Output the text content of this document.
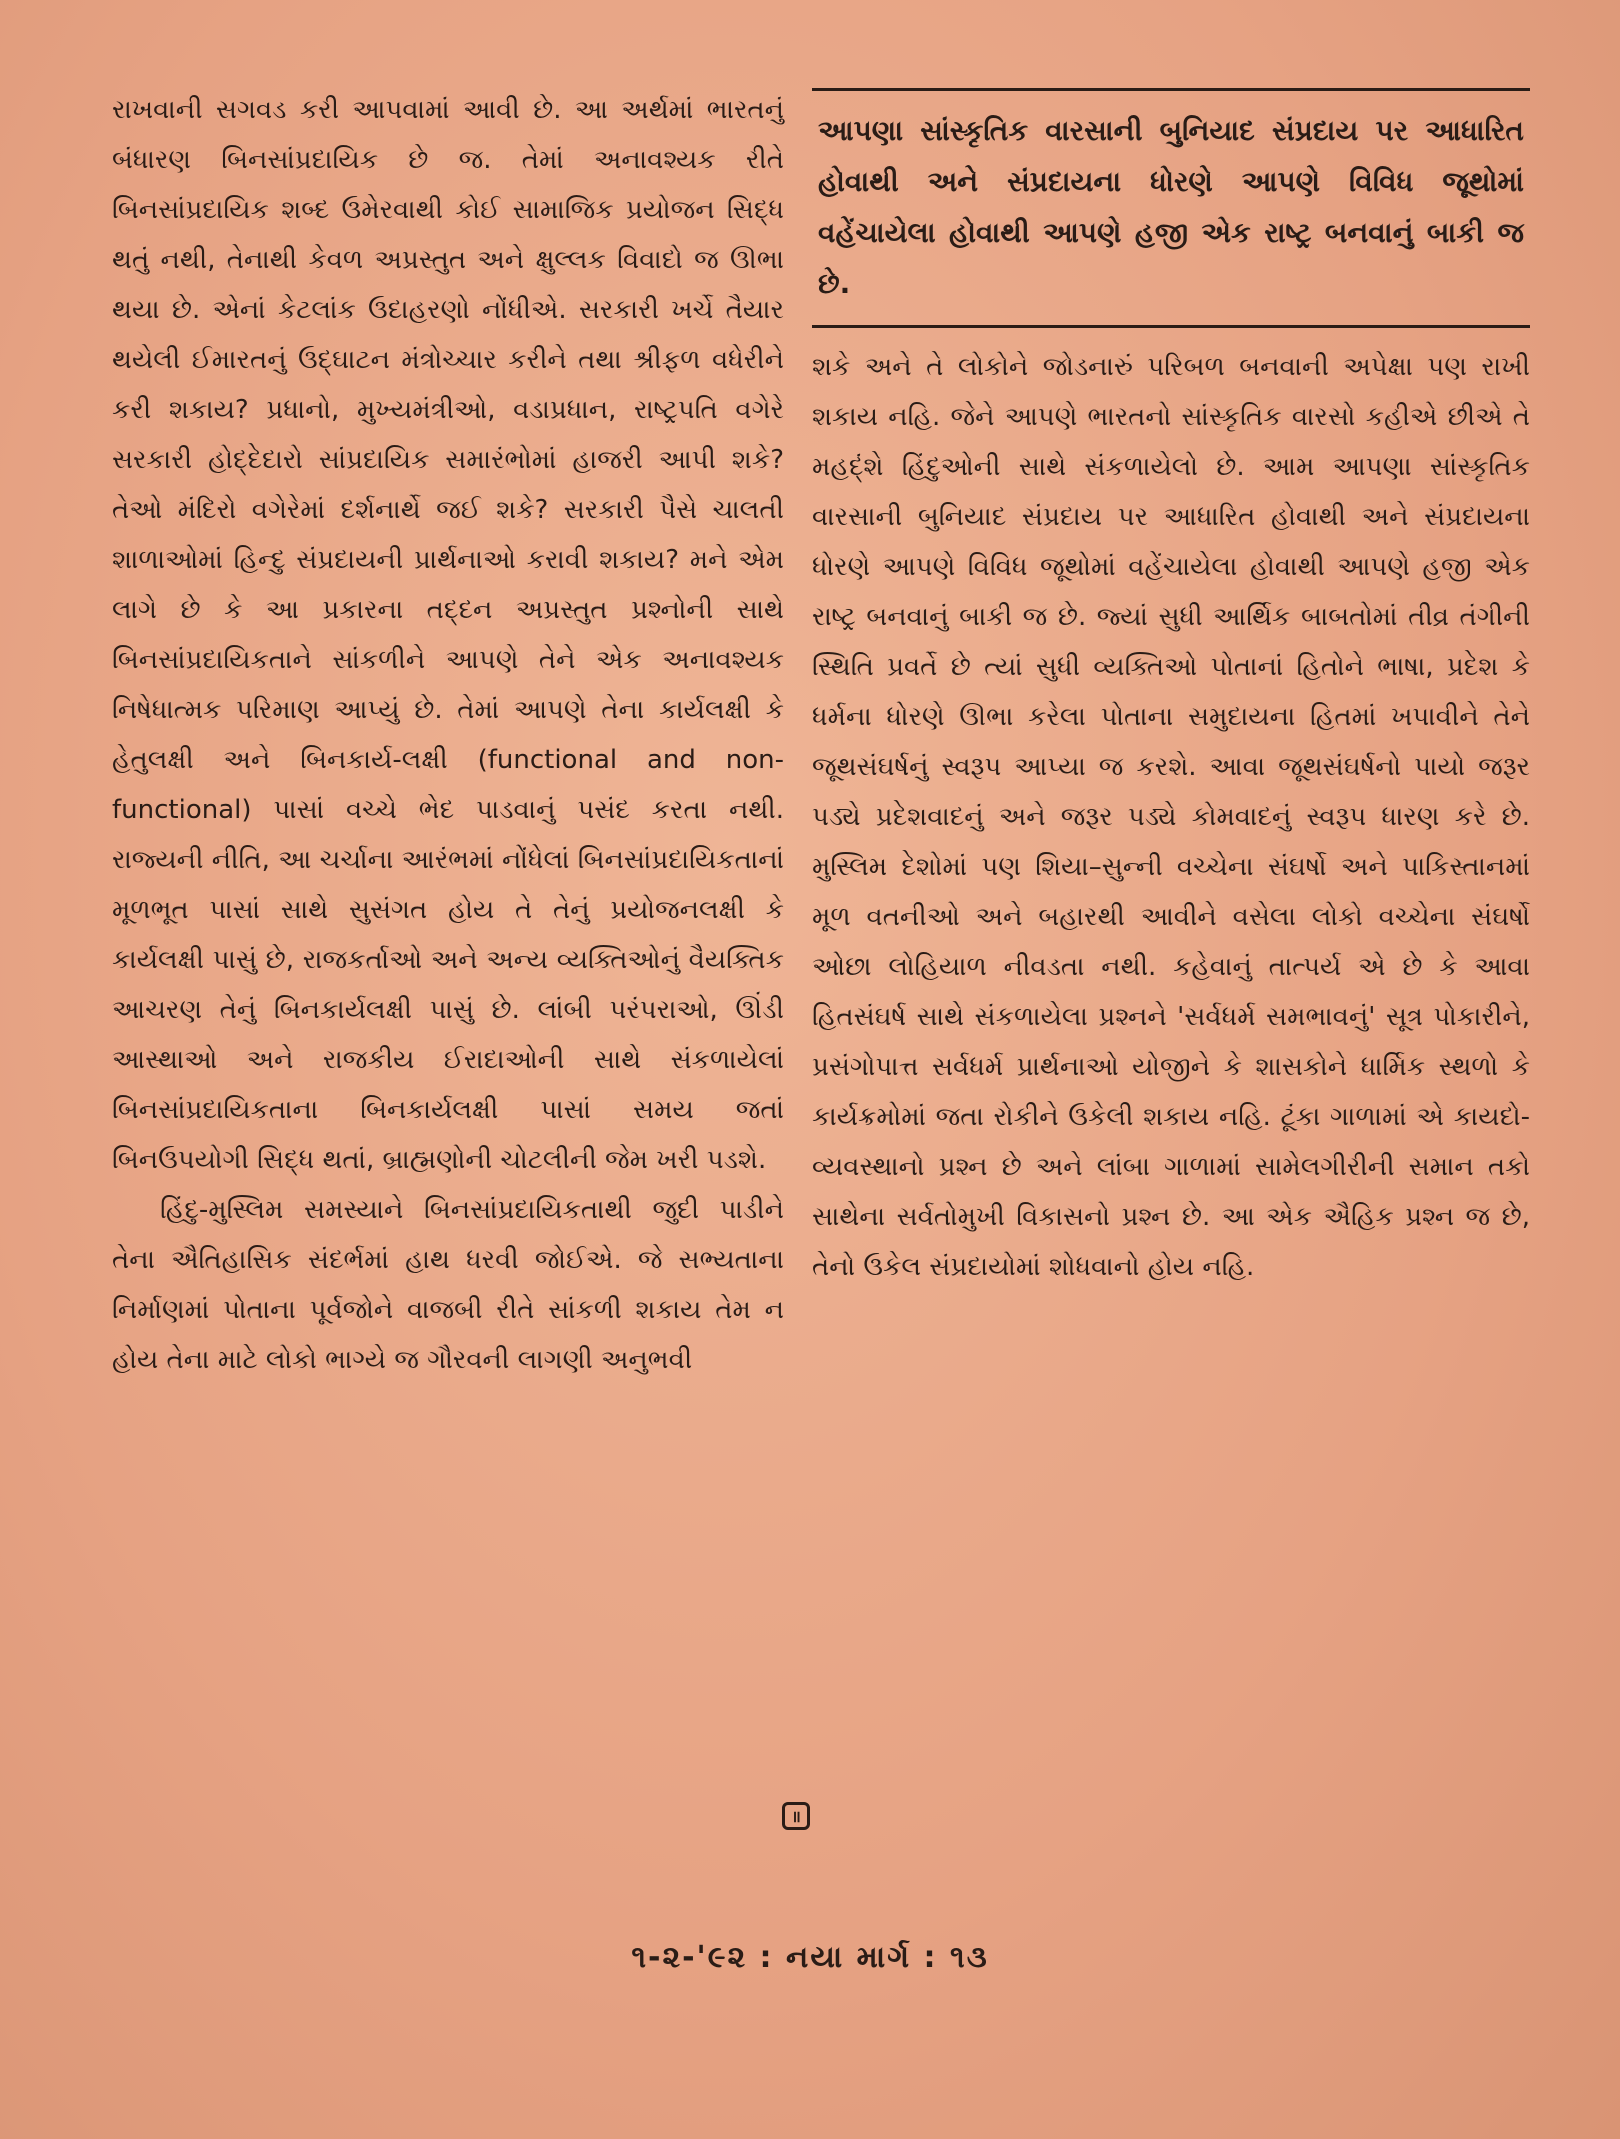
રાખવાની સગવડ કરી આપવામાં આવી છે. આ અર્થમાં ભારતનું બંધારણ બિનસાંપ્રદાયિક છે જ. તેમાં અનાવશ્યક રીતે બિનસાંપ્રદાયિક શબ્દ ઉમેરવાથી કોઈ સામાજિક પ્રયોજન સિદ્ધ થતું નથી, તેનાથી કેવળ અપ્રસ્તુત અને ક્ષુલ્લક વિવાદો જ ઊભા થયા છે. એનાં કેટલાંક ઉદાહરણો નોંધીએ. સરકારી ખર્ચે તૈયાર થયેલી ઈમારતનું ઉદ્ઘાટન મંત્રોચ્ચાર કરીને તથા શ્રીફળ વધેરીને કરી શકાય? પ્રધાનો, મુખ્યમંત્રીઓ, વડાપ્રધાન, રાષ્ટ્રપતિ વગેરે સરકારી હોદ્દેદારો સાંપ્રદાયિક સમારંભોમાં હાજરી આપી શકે? તેઓ મંદિરો વગેરેમાં દર્શનાર્થે જઈ શકે? સરકારી પૈસે ચાલતી શાળાઓમાં હિન્દુ સંપ્રદાયની પ્રાર્થનાઓ કરાવી શકાય? મને એમ લાગે છે કે આ પ્રકારના તદ્દન અપ્રસ્તુત પ્રશ્નોની સાથે બિનસાંપ્રદાયિકતાને સાંકળીને આપણે તેને એક અનાવશ્યક નિષેધાત્મક પરિમાણ આપ્યું છે. તેમાં આપણે તેના કાર્યલક્ષી કે હેતુલક્ષી અને બિનકાર્ય-લક્ષી (functional and non-functional) પાસાં વચ્ચે ભેદ પાડવાનું પસંદ કરતા નથી. રાજ્યની નીતિ, આ ચર્ચાના આરંભમાં નોંધેલાં બિનસાંપ્રદાયિકતાનાં મૂળભૂત પાસાં સાથે સુસંગત હોય તે તેનું પ્રયોજનલક્ષી કે કાર્યલક્ષી પાસું છે, રાજકર્તાઓ અને અન્ય વ્યક્તિઓનું વૈયક્તિક આચરણ તેનું બિનકાર્યલક્ષી પાસું છે. લાંબી પરંપરાઓ, ઊંડી આસ્થાઓ અને રાજકીય ઈરાદાઓની સાથે સંકળાયેલાં બિનસાંપ્રદાયિકતાના બિનકાર્યલક્ષી પાસાં સમય જતાં બિનઉપયોગી સિદ્ધ થતાં, બ્રાહ્મણોની ચોટલીની જેમ ખરી પડશે.

હિંદુ-મુસ્લિમ સમસ્યાને બિનસાંપ્રદાયિકતાથી જુદી પાડીને તેના ઐતિહાસિક સંદર્ભમાં હાથ ધરવી જોઈએ. જે સભ્યતાના નિર્માણમાં પોતાના પૂર્વજોને વાજબી રીતે સાંકળી શકાય તેમ ન હોય તેના માટે લોકો ભાગ્યે જ ગૌરવની લાગણી અનુભવી

આપણા સાંસ્કૃતિક વારસાની બુનિયાદ સંપ્રદાય પર આધારિત હોવાથી અને સંપ્રદાયના ધોરણે આપણે વિવિધ જૂથોમાં વહેંચાયેલા હોવાથી આપણે હજી એક રાષ્ટ્ર બનવાનું બાકી જ છે.

શકે અને તે લોકોને જોડનારું પરિબળ બનવાની અપેક્ષા પણ રાખી શકાય નહિ. જેને આપણે ભારતનો સાંસ્કૃતિક વારસો કહીએ છીએ તે મહદ્ંશે હિંદુઓની સાથે સંકળાયેલો છે. આમ આપણા સાંસ્કૃતિક વારસાની બુનિયાદ સંપ્રદાય પર આધારિત હોવાથી અને સંપ્રદાયના ધોરણે આપણે વિવિધ જૂથોમાં વહેંચાયેલા હોવાથી આપણે હજી એક રાષ્ટ્ર બનવાનું બાકી જ છે. જ્યાં સુધી આર્થિક બાબતોમાં તીવ્ર તંગીની સ્થિતિ પ્રવર્તે છે ત્યાં સુધી વ્યક્તિઓ પોતાનાં હિતોને ભાષા, પ્રદેશ કે ધર્મના ધોરણે ઊભા કરેલા પોતાના સમુદાયના હિતમાં ખપાવીને તેને જૂથસંઘર્ષનું સ્વરૂપ આપ્યા જ કરશે. આવા જૂથસંઘર્ષનો પાયો જરૂર પડ્યે પ્રદેશવાદનું અને જરૂર પડ્યે કોમવાદનું સ્વરૂપ ધારણ કરે છે. મુસ્લિમ દેશોમાં પણ શિયા–સુન્ની વચ્ચેના સંઘર્ષો અને પાકિસ્તાનમાં મૂળ વતનીઓ અને બહારથી આવીને વસેલા લોકો વચ્ચેના સંઘર્ષો ઓછા લોહિયાળ નીવડતા નથી. કહેવાનું તાત્પર્ય એ છે કે આવા હિતસંઘર્ષ સાથે સંકળાયેલા પ્રશ્નને 'સર્વધર્મ સમભાવનું' સૂત્ર પોકારીને, પ્રસંગોપાત્ત સર્વધર્મ પ્રાર્થનાઓ યોજીને કે શાસકોને ધાર્મિક સ્થળો કે કાર્યક્રમોમાં જતા રોકીને ઉકેલી શકાય નહિ. ટૂંકા ગાળામાં એ કાયદો-વ્યવસ્થાનો પ્રશ્ન છે અને લાંબા ગાળામાં સામેલગીરીની સમાન તકો સાથેના સર્વતોમુખી વિકાસનો પ્રશ્ન છે. આ એક ઐહિક પ્રશ્ન જ છે, તેનો ઉકેલ સંપ્રદાયોમાં શોધવાનો હોય નહિ.

॥
૧-૨-'૯૨ : નયા માર્ગ : ૧૩
